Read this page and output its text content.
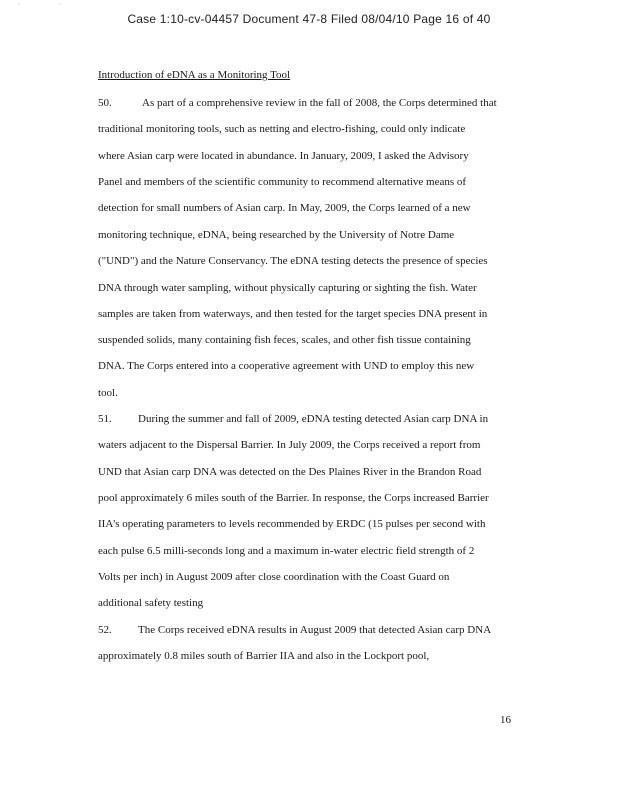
·                          ·
Case 1:10-cv-04457 Document 47-8 Filed 08/04/10 Page 16 of 40
Introduction of eDNA as a Monitoring Tool
50.	As part of a comprehensive review in the fall of 2008, the Corps determined that
traditional monitoring tools, such as netting and electro-fishing, could only indicate
where Asian carp were located in abundance. In January, 2009, I asked the Advisory
Panel and members of the scientific community to recommend alternative means of
detection for small numbers of Asian carp. In May, 2009, the Corps learned of a new
monitoring technique, eDNA, being researched by the University of Notre Dame
("UND") and the Nature Conservancy. The eDNA testing detects the presence of species
DNA through water sampling, without physically capturing or sighting the fish. Water
samples are taken from waterways, and then tested for the target species DNA present in
suspended solids, many containing fish feces, scales, and other fish tissue containing
DNA. The Corps entered into a cooperative agreement with UND to employ this new
tool.
51. During the summer and fall of 2009, eDNA testing detected Asian carp DNA in
waters adjacent to the Dispersal Barrier. In July 2009, the Corps received a report from
UND that Asian carp DNA was detected on the Des Plaines River in the Brandon Road
pool approximately 6 miles south of the Barrier. In response, the Corps increased Barrier
IIA's operating parameters to levels recommended by ERDC (15 pulses per second with
each pulse 6.5 milli-seconds long and a maximum in-water electric field strength of 2
Volts per inch) in August 2009 after close coordination with the Coast Guard on
additional safety testing
52. The Corps received eDNA results in August 2009 that detected Asian carp DNA
approximately 0.8 miles south of Barrier IIA and also in the Lockport pool,
16
